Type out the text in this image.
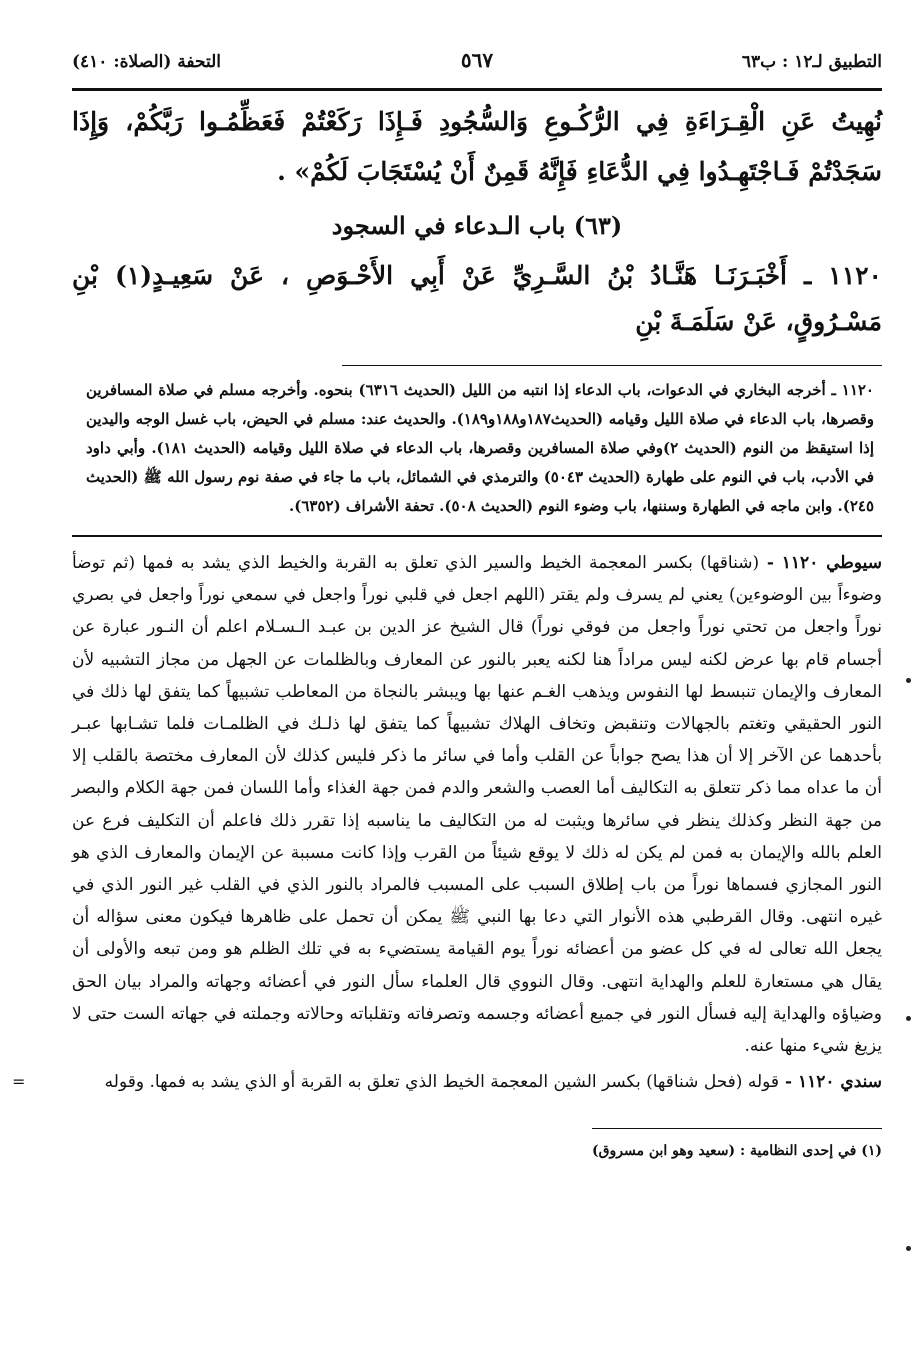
التطبيق لـ١٢ : ب٦٣
٥٦٧
التحفة (الصلاة: ٤١٠)
نُهِيتُ عَنِ الْقِـرَاءَةِ فِي الرُّكُـوعِ وَالسُّجُودِ فَـإِذَا رَكَعْتُمْ فَعَظِّمُـوا رَبَّكُمْ، وَإِذَا سَجَدْتُمْ فَـاجْتَهِـدُوا فِي الدُّعَاءِ فَإِنَّهُ قَمِنٌ أَنْ يُسْتَجَابَ لَكُمْ» .
(٦٣) باب الـدعاء في السجود
١١٢٠ ـ أَخْبَـرَنَـا هَنَّـادُ بْنُ السَّـرِيِّ عَنْ أَبِي الأَحْـوَصِ ، عَنْ سَعِيـدٍ(١) بْنِ مَسْـرُوقٍ، عَنْ سَلَمَـةَ بْنِ
١١٢٠ ـ أخرجه البخاري في الدعوات، باب الدعاء إذا انتبه من الليل (الحديث ٦٣١٦) بنحوه. وأخرجه مسلم في صلاة المسافرين وقصرها، باب الدعاء في صلاة الليل وقيامه (الحديث١٨٧و١٨٨و١٨٩). والحديث عند: مسلم في الحيض، باب غسل الوجه واليدين إذا استيقظ من النوم (الحديث ٢)وفي صلاة المسافرين وقصرها، باب الدعاء في صلاة الليل وقيامه (الحديث ١٨١). وأبي داود في الأدب، باب في النوم على طهارة (الحديث ٥٠٤٣) والترمذي في الشمائل، باب ما جاء في صفة نوم رسول الله ﷺ (الحديث ٢٤٥). وابن ماجه في الطهارة وسننها، باب وضوء النوم (الحديث ٥٠٨). تحفة الأشراف (٦٣٥٢).
سيوطي ١١٢٠ - (شناقها) بكسر المعجمة الخيط والسير الذي تعلق به القربة والخيط الذي يشد به فمها (ثم توضأ وضوءاً بين الوضوءين) يعني لم يسرف ولم يقتر (اللهم اجعل في قلبي نوراً واجعل في سمعي نوراً واجعل في بصري نوراً واجعل من تحتي نوراً واجعل من فوقي نوراً) قال الشيخ عز الدين بن عبـد الـسـلام اعلم أن النـور عبارة عن أجسام قام بها عرض لكنه ليس مراداً هنا لكنه يعبر بالنور عن المعارف وبالظلمات عن الجهل من مجاز التشبيه لأن المعارف والإيمان تنبسط لها النفوس ويذهب الغـم عنها بها ويبشر بالنجاة من المعاطب تشبيهاً كما يتفق لها ذلك في النور الحقيقي وتغتم بالجهالات وتنقبض وتخاف الهلاك تشبيهاً كما يتفق لها ذلـك في الظلمـات فلما تشـابها عبـر بأحدهما عن الآخر إلا أن هذا يصح جواباً عن القلب وأما في سائر ما ذكر فليس كذلك لأن المعارف مختصة بالقلب إلا أن ما عداه مما ذكر تتعلق به التكاليف أما العصب والشعر والدم فمن جهة الغذاء وأما اللسان فمن جهة الكلام والبصر من جهة النظر وكذلك ينظر في سائرها ويثبت له من التكاليف ما يناسبه إذا تقرر ذلك فاعلم أن التكليف فرع عن العلم بالله والإيمان به فمن لم يكن له ذلك لا يوقع شيئاً من القرب وإذا كانت مسببة عن الإيمان والمعارف الذي هو النور المجازي فسماها نوراً من باب إطلاق السبب على المسبب فالمراد بالنور الذي في القلب غير النور الذي في غيره انتهى. وقال القرطبي هذه الأنوار التي دعا بها النبي ﷺ يمكن أن تحمل على ظاهرها فيكون معنى سؤاله أن يجعل الله تعالى له في كل عضو من أعضائه نوراً يوم القيامة يستضيء به في تلك الظلم هو ومن تبعه والأولى أن يقال هي مستعارة للعلم والهداية انتهى. وقال النووي قال العلماء سأل النور في أعضائه وجهاته والمراد بيان الحق وضياؤه والهداية إليه فسأل النور في جميع أعضائه وجسمه وتصرفاته وتقلباته وحالاته وجملته في جهاته الست حتى لا يزيغ شيء منها عنه.
سندي ١١٢٠ - قوله (فحل شناقها) بكسر الشين المعجمة الخيط الذي تعلق به القربة أو الذي يشد به فمها. وقوله
=
(١) في إحدى النظامية : (سعيد وهو ابن مسروق)
